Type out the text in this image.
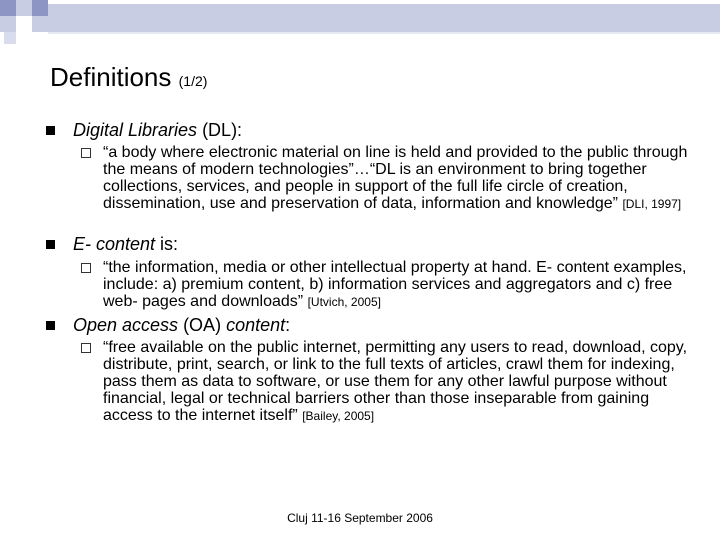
Definitions (1/2)
Digital Libraries (DL):
“a body where electronic material on line is held and provided to the public through the means of modern technologies”…“DL is an environment to bring together collections, services, and people in support of the full life circle of creation, dissemination, use and preservation of data, information and knowledge” [DLI, 1997]
E- content is:
“the information, media or other intellectual property at hand. E- content examples, include: a) premium content, b) information services and aggregators and c) free web- pages and downloads” [Utvich, 2005]
Open access (OA) content:
“free available on the public internet, permitting any users to read, download, copy, distribute, print, search, or link to the full texts of articles, crawl them for indexing, pass them as data to software, or use them for any other lawful purpose without financial, legal or technical barriers other than those inseparable from gaining access to the internet itself” [Bailey, 2005]
Cluj 11-16 September 2006
